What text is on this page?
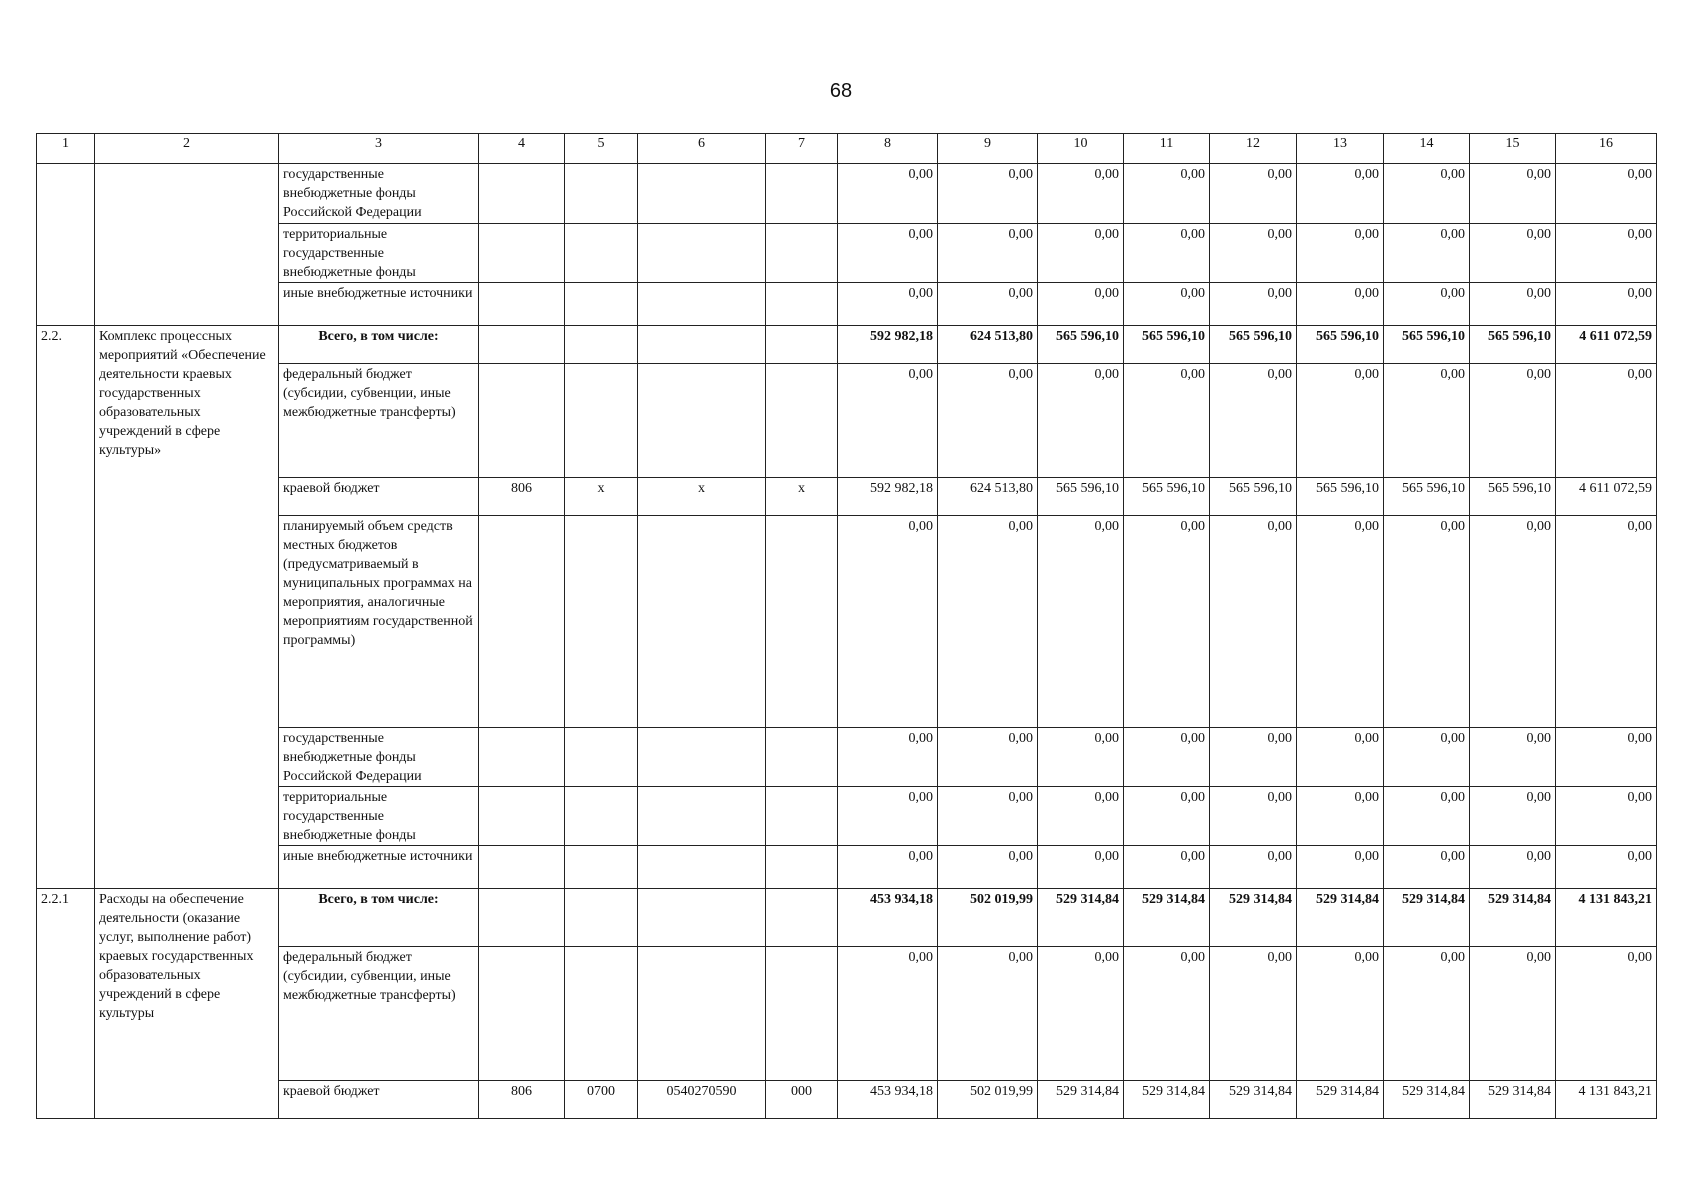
68
1	2	3	4	5	6	7	8	9	10	11	12	13	14	15	16
		государственные внебюджетные фонды Российской Федерации					0,00	0,00	0,00	0,00	0,00	0,00	0,00	0,00	0,00
		территориальные государственные внебюджетные фонды					0,00	0,00	0,00	0,00	0,00	0,00	0,00	0,00	0,00
		иные внебюджетные источники					0,00	0,00	0,00	0,00	0,00	0,00	0,00	0,00	0,00
2.2.	Комплекс процессных мероприятий «Обеспечение деятельности краевых государственных образовательных учреждений в сфере культуры»	Всего, в том числе:					592 982,18	624 513,80	565 596,10	565 596,10	565 596,10	565 596,10	565 596,10	565 596,10	4 611 072,59
		федеральный бюджет (субсидии, субвенции, иные межбюджетные трансферты)					0,00	0,00	0,00	0,00	0,00	0,00	0,00	0,00	0,00
		краевой бюджет	806	x	x	x	592 982,18	624 513,80	565 596,10	565 596,10	565 596,10	565 596,10	565 596,10	565 596,10	4 611 072,59
		планируемый объем средств местных бюджетов (предусматриваемый в муниципальных программах на мероприятия, аналогичные мероприятиям государственной программы)					0,00	0,00	0,00	0,00	0,00	0,00	0,00	0,00	0,00
		государственные внебюджетные фонды Российской Федерации					0,00	0,00	0,00	0,00	0,00	0,00	0,00	0,00	0,00
		территориальные государственные внебюджетные фонды					0,00	0,00	0,00	0,00	0,00	0,00	0,00	0,00	0,00
		иные внебюджетные источники					0,00	0,00	0,00	0,00	0,00	0,00	0,00	0,00	0,00
2.2.1	Расходы на обеспечение деятельности (оказание услуг, выполнение работ) краевых государственных образовательных учреждений в сфере культуры	Всего, в том числе:					453 934,18	502 019,99	529 314,84	529 314,84	529 314,84	529 314,84	529 314,84	529 314,84	4 131 843,21
		федеральный бюджет (субсидии, субвенции, иные межбюджетные трансферты)					0,00	0,00	0,00	0,00	0,00	0,00	0,00	0,00	0,00
		краевой бюджет	806	0700	0540270590	000	453 934,18	502 019,99	529 314,84	529 314,84	529 314,84	529 314,84	529 314,84	529 314,84	4 131 843,21
